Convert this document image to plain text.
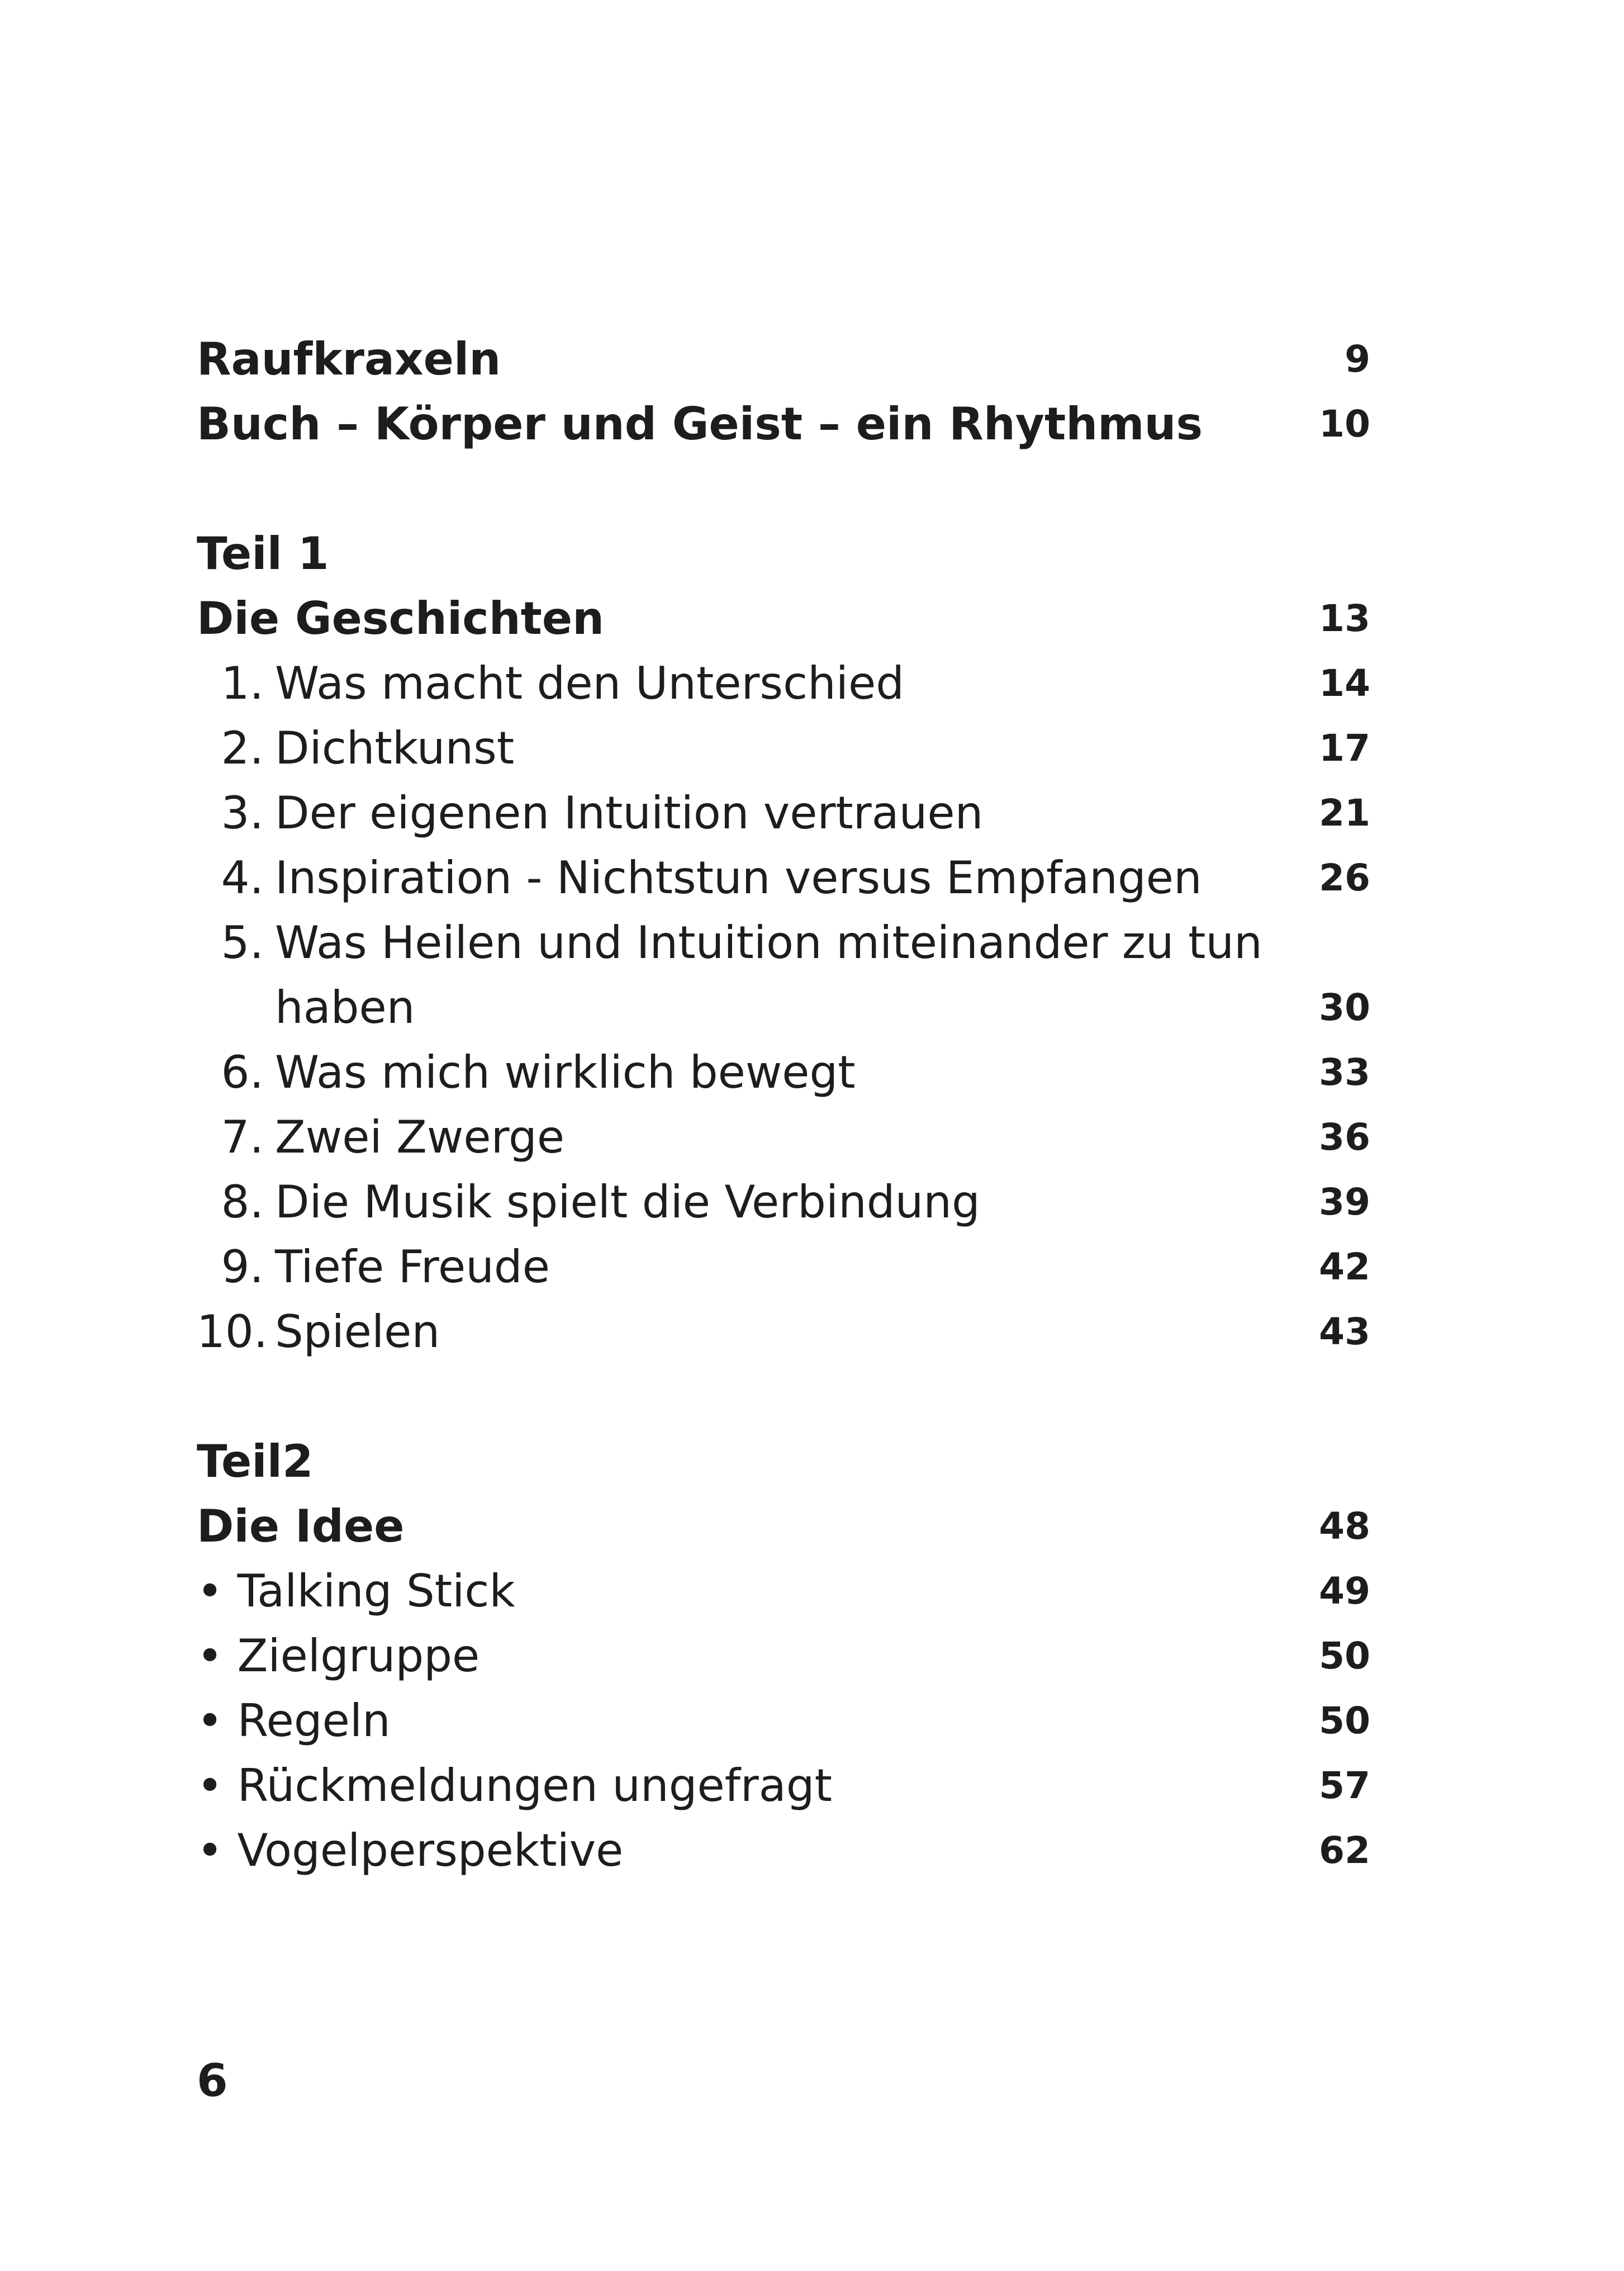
Raufkraxeln	9
Buch – Körper und Geist – ein Rhythmus	10
Teil 1
Die Geschichten	13
1. Was macht den Unterschied	14
2. Dichtkunst	17
3. Der eigenen Intuition vertrauen	21
4. Inspiration - Nichtstun versus Empfangen	26
5. Was Heilen und Intuition miteinander zu tun
haben	30
6. Was mich wirklich bewegt	33
7. Zwei Zwerge	36
8. Die Musik spielt die Verbindung	39
9. Tiefe Freude	42
10. Spielen	43
Teil2
Die Idee	48
• Talking Stick	49
• Zielgruppe	50
• Regeln	50
• Rückmeldungen ungefragt	57
• Vogelperspektive	62
6
